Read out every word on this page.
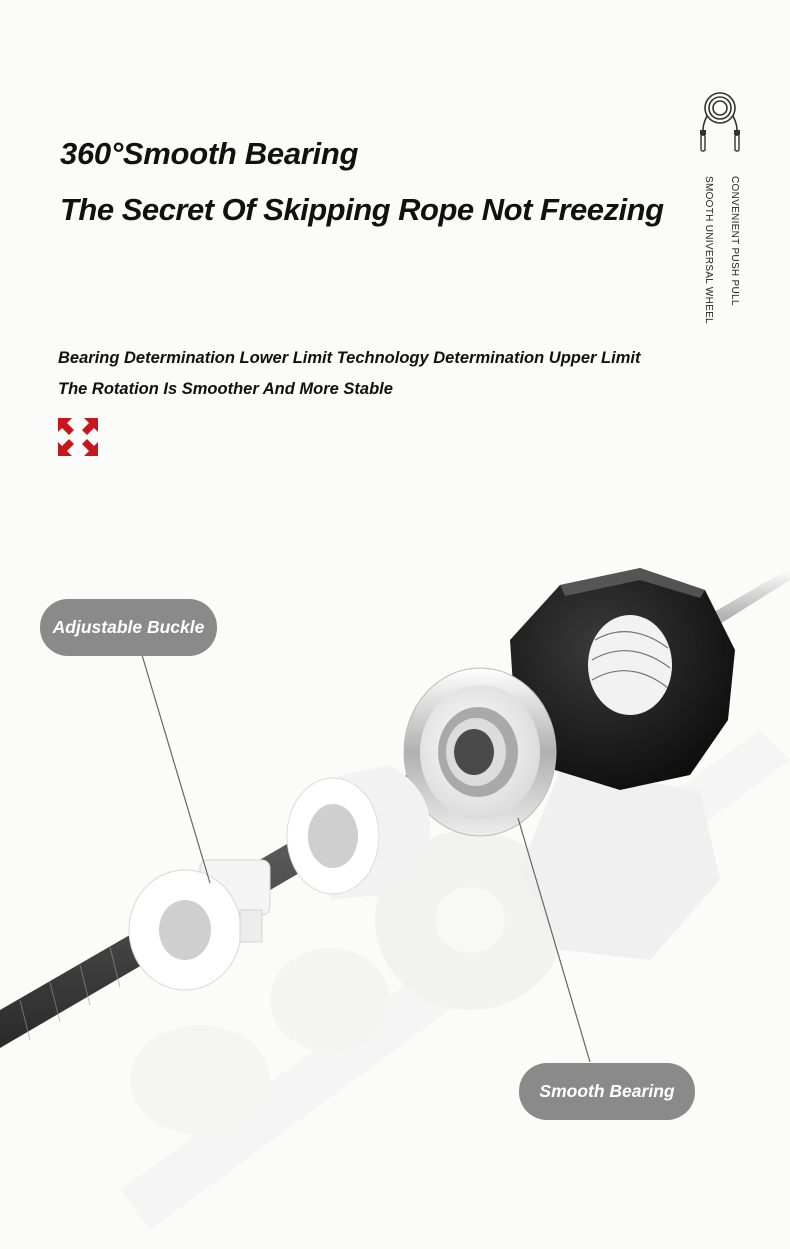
360°Smooth Bearing
The Secret Of Skipping Rope Not Freezing	CONVENIENT PUSH PULL
SMOOTH UNIVERSAL WHEEL
Bearing Determination Lower Limit Technology Determination Upper Limit
The Rotation Is Smoother And More Stable
Adjustable Buckle
Smooth Bearing
